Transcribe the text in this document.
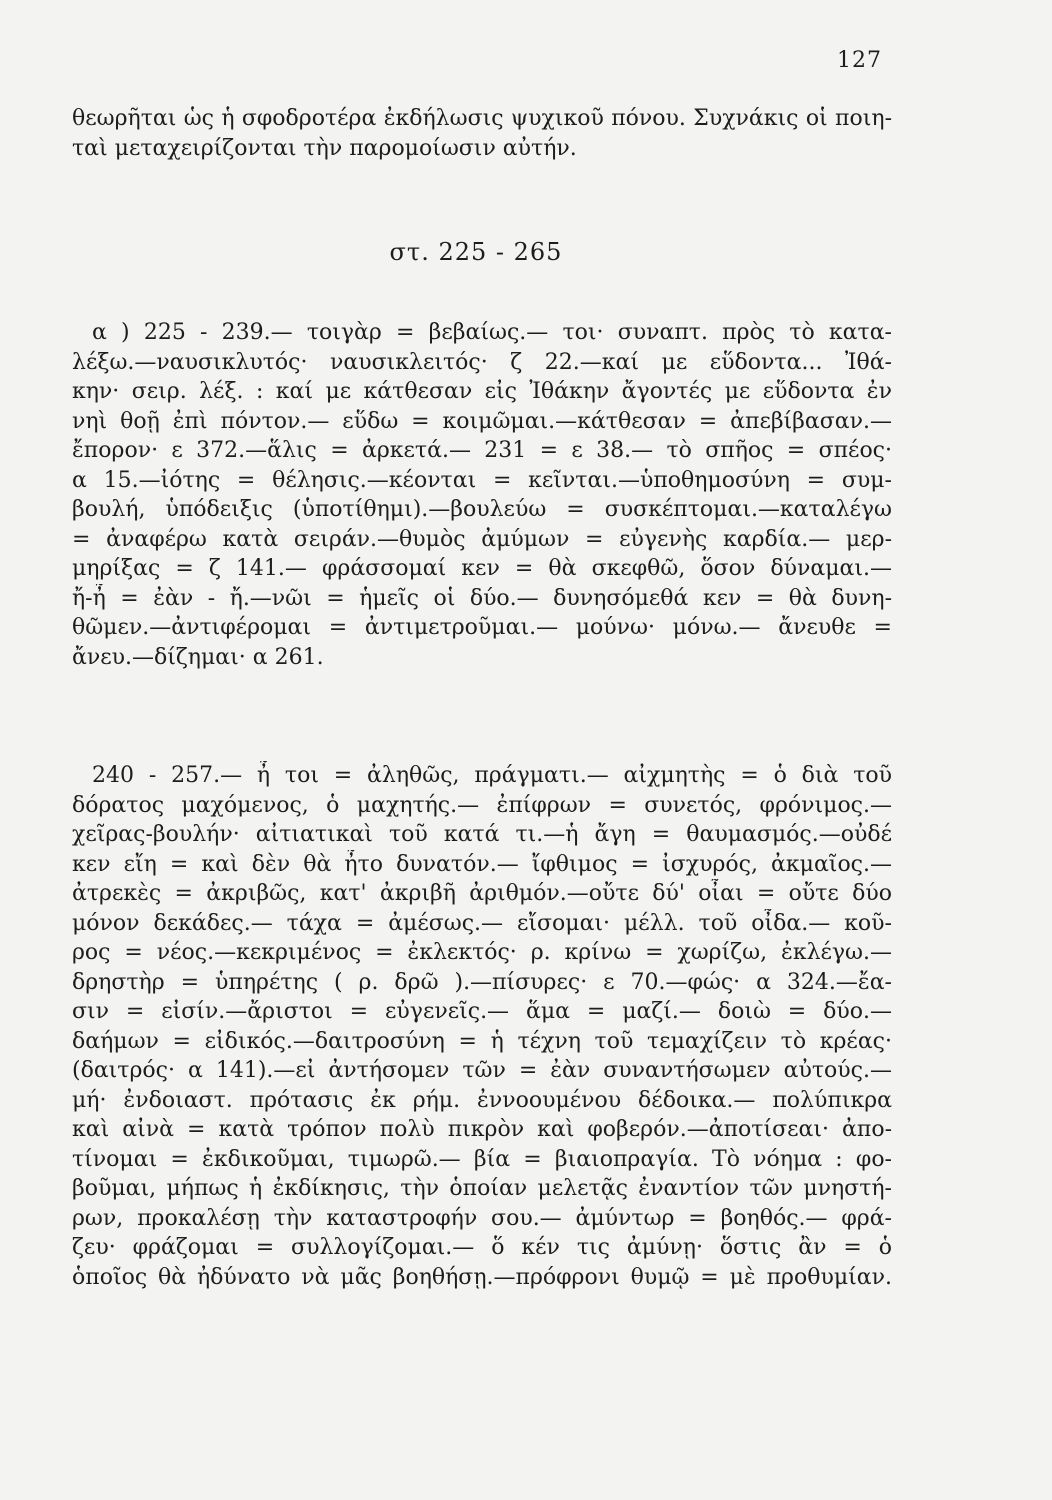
127
θεωρῆται ὡς ἡ σφοδροτέρα ἐκδήλωσις ψυχικοῦ πόνου. Συχνάκις οἱ ποιη-
ταὶ μεταχειρίζονται τὴν παρομοίωσιν αὐτήν.
στ. 225 - 265
α ) 225 - 239.— τοιγὰρ = βεβαίως.— τοι· συναπτ. πρὸς τὸ κατα-
λέξω.—ναυσικλυτός· ναυσικλειτός· ζ 22.—καί με εὕδοντα... Ἰθά-
κην· σειρ. λέξ. : καί με κάτθεσαν εἰς Ἰθάκην ἄγοντές με εὕδοντα ἐν
νηὶ θοῇ ἐπὶ πόντον.— εὕδω = κοιμῶμαι.—κάτθεσαν = ἀπεβίβασαν.—
ἔπορον· ε 372.—ἅλις = ἀρκετά.— 231 = ε 38.— τὸ σπῆος = σπέος·
α 15.—ἰότης = θέλησις.—κέονται = κεῖνται.—ὑποθημοσύνη = συμ-
βουλή, ὑπόδειξις (ὑποτίθημι).—βουλεύω = συσκέπτομαι.—καταλέγω
= ἀναφέρω κατὰ σειράν.—θυμὸς ἀμύμων = εὐγενὴς καρδία.— μερ-
μηρίξας = ζ 141.— φράσσομαί κεν = θὰ σκεφθῶ, ὅσον δύναμαι.—
ἤ-ἦ = ἐὰν - ἤ.—νῶι = ἡμεῖς οἱ δύο.— δυνησόμεθά κεν = θὰ δυνη-
θῶμεν.—ἀντιφέρομαι = ἀντιμετροῦμαι.— μούνω· μόνω.— ἄνευθε =
ἄνευ.—δίζημαι· α 261.
240 - 257.— ἦ τοι = ἀληθῶς, πράγματι.— αἰχμητὴς = ὁ διὰ τοῦ
δόρατος μαχόμενος, ὁ μαχητής.— ἐπίφρων = συνετός, φρόνιμος.—
χεῖρας-βουλήν· αἰτιατικαὶ τοῦ κατά τι.—ἡ ἄγη = θαυμασμός.—οὐδέ
κεν εἴη = καὶ δὲν θὰ ἦτο δυνατόν.— ἴφθιμος = ἰσχυρός, ἀκμαῖος.—
ἀτρεκὲς = ἀκριβῶς, κατ' ἀκριβῆ ἀριθμόν.—οὔτε δύ' οἶαι = οὔτε δύο
μόνον δεκάδες.— τάχα = ἀμέσως.— εἴσομαι· μέλλ. τοῦ οἶδα.— κοῦ-
ρος = νέος.—κεκριμένος = ἐκλεκτός· ρ. κρίνω = χωρίζω, ἐκλέγω.—
δρηστὴρ = ὑπηρέτης ( ρ. δρῶ ).—πίσυρες· ε 70.—φώς· α 324.—ἔα-
σιν = εἰσίν.—ἄριστοι = εὐγενεῖς.— ἅμα = μαζί.— δοιὼ = δύο.—
δαήμων = εἰδικός.—δαιτροσύνη = ἡ τέχνη τοῦ τεμαχίζειν τὸ κρέας·
(δαιτρός· α 141).—εἰ ἀντήσομεν τῶν = ἐὰν συναντήσωμεν αὐτούς.—
μή· ἐνδοιαστ. πρότασις ἐκ ρήμ. ἐννοουμένου δέδοικα.— πολύπικρα
καὶ αἰνὰ = κατὰ τρόπον πολὺ πικρὸν καὶ φοβερόν.—ἀποτίσεαι· ἀπο-
τίνομαι = ἐκδικοῦμαι, τιμωρῶ.— βία = βιαιοπραγία. Τὸ νόημα : φο-
βοῦμαι, μήπως ἡ ἐκδίκησις, τὴν ὁποίαν μελετᾷς ἐναντίον τῶν μνηστή-
ρων, προκαλέσῃ τὴν καταστροφήν σου.— ἀμύντωρ = βοηθός.— φρά-
ζευ· φράζομαι = συλλογίζομαι.— ὅ κέν τις ἀμύνῃ· ὅστις ἂν = ὁ
ὁποῖος θὰ ἠδύνατο νὰ μᾶς βοηθήσῃ.—πρόφρονι θυμῷ = μὲ προθυμίαν.
